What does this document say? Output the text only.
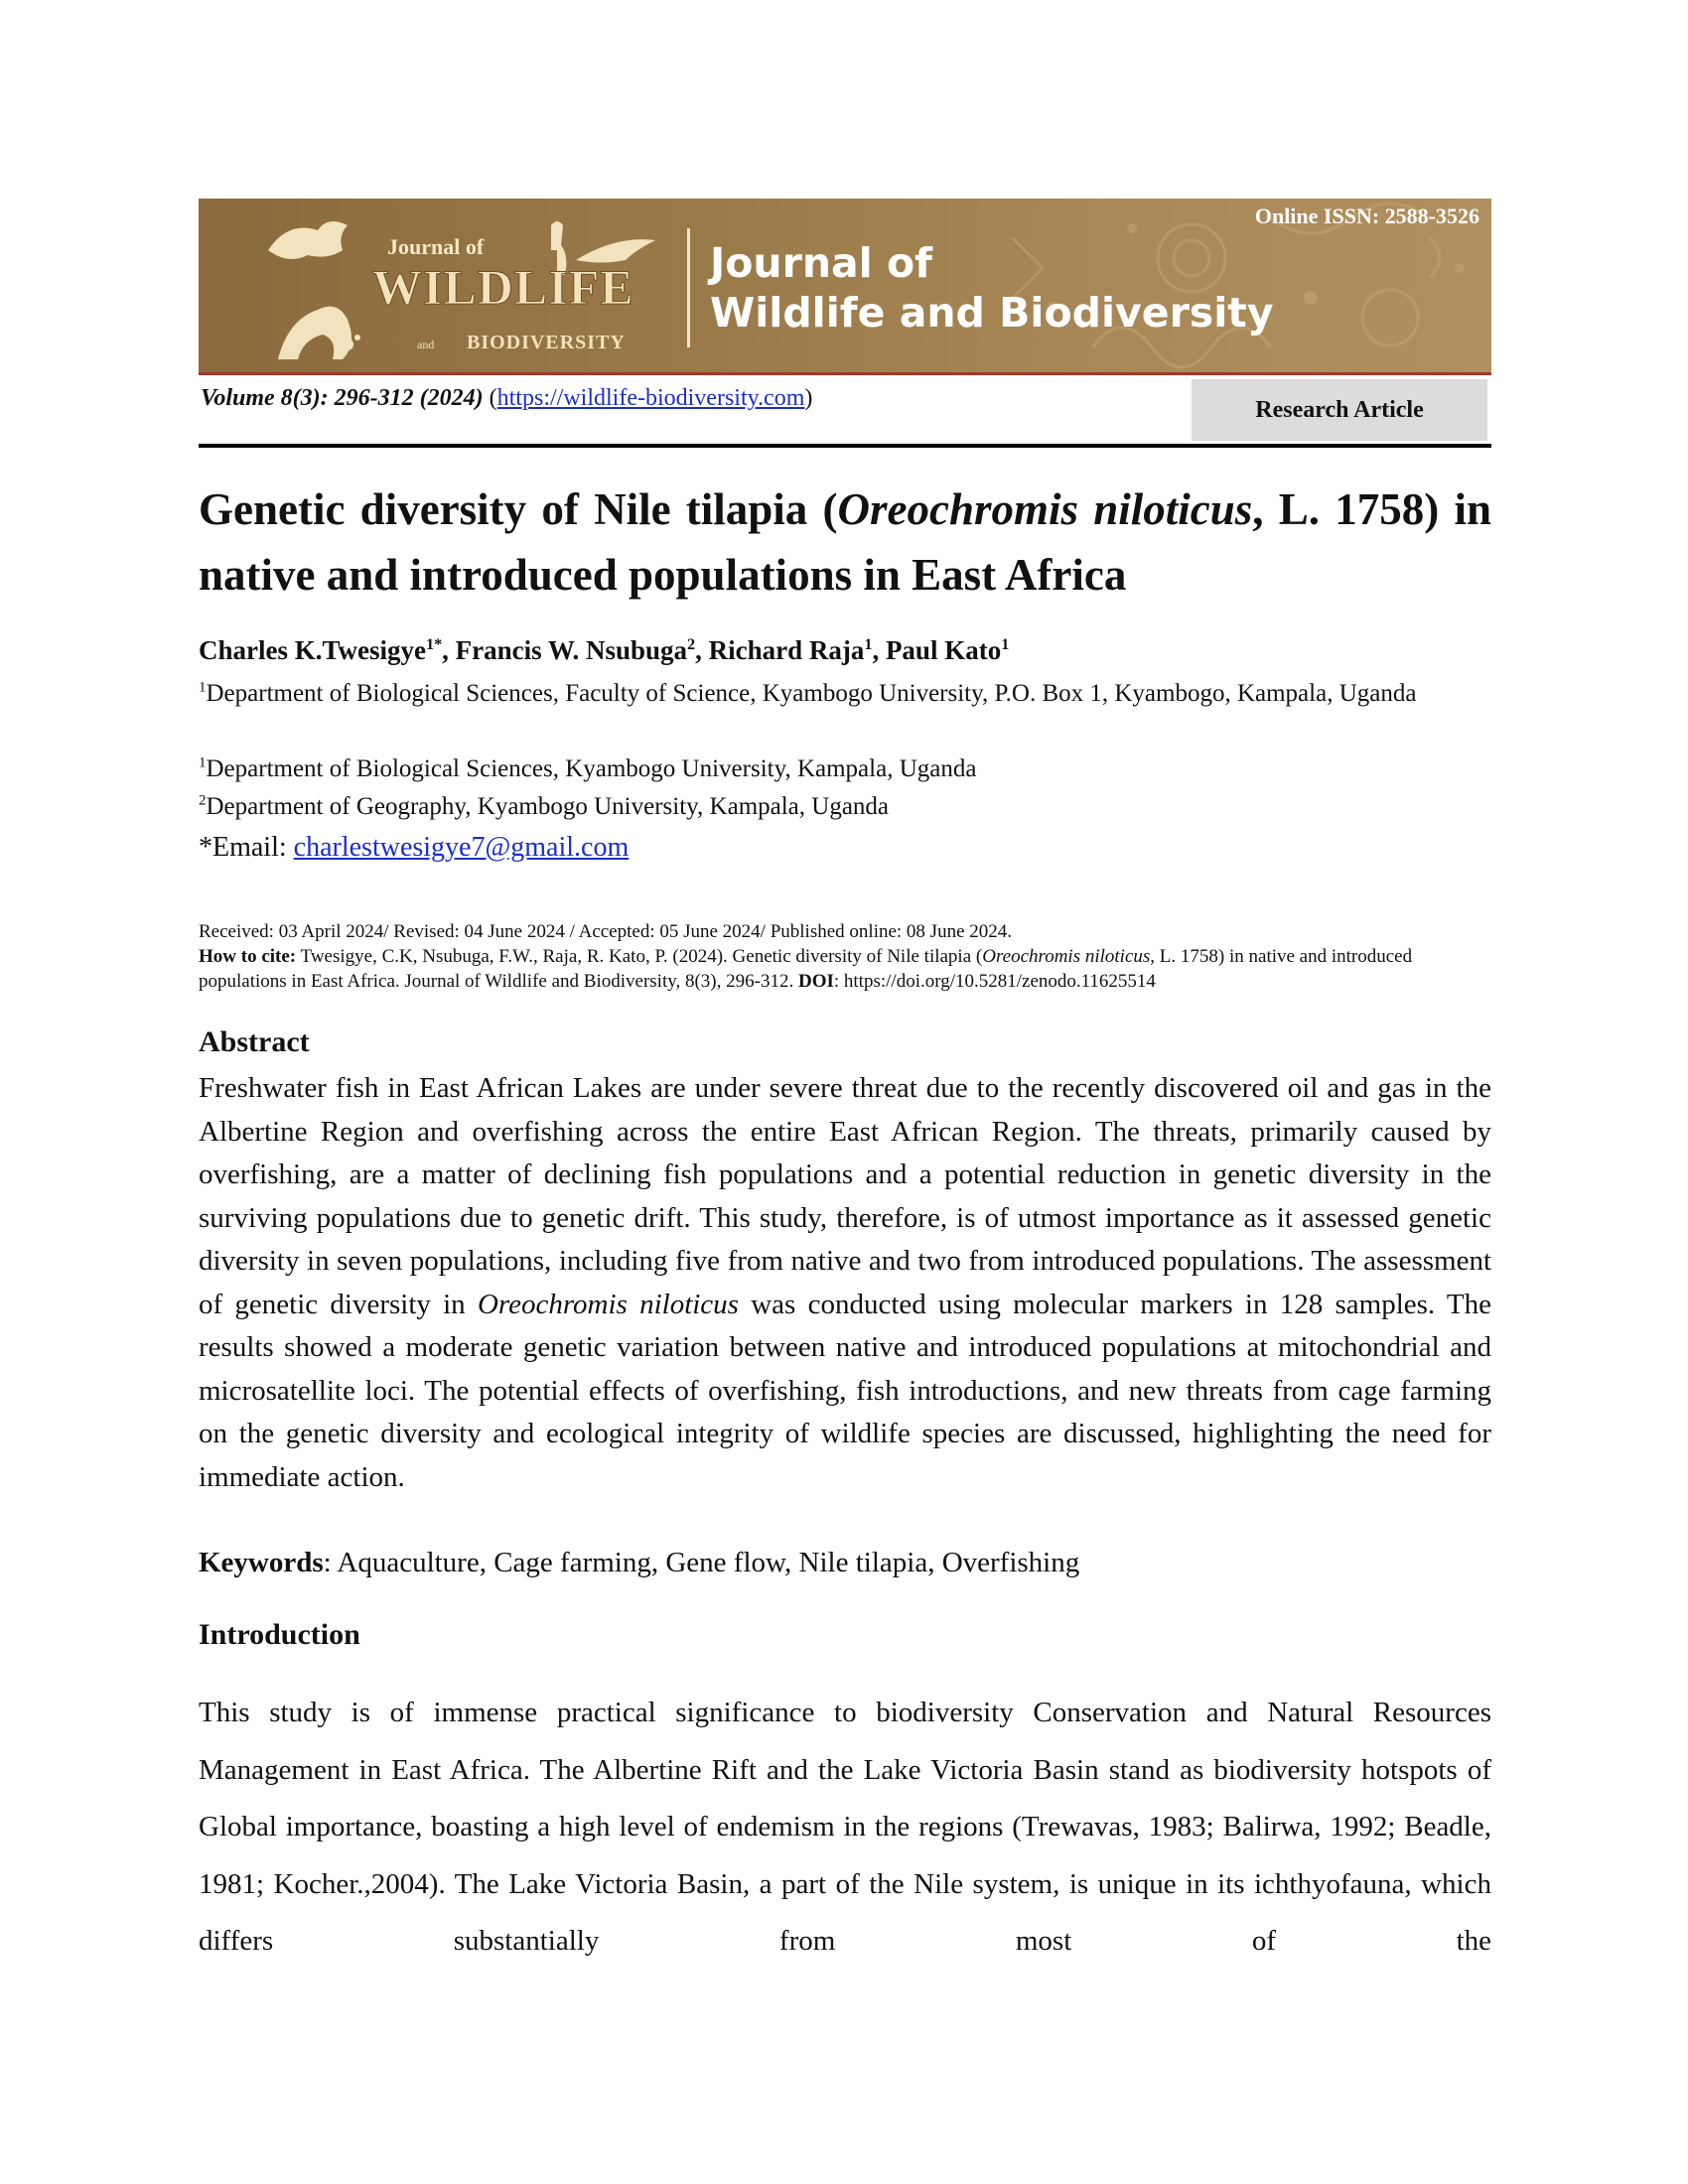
Journal of
WILDLIFE
BIODIVERSITY
and
Journal of
Wildlife and Biodiversity
Online ISSN: 2588-3526
Volume 8(3): 296-312 (2024) (https://wildlife-biodiversity.com)	Research Article
Genetic diversity of Nile tilapia (Oreochromis niloticus, L. 1758) in native and introduced populations in East Africa
Charles K.Twesigye$^{1*}$, Francis W. Nsubuga$^2$, Richard Raja$^1$, Paul Kato$^1$
$^1$Department of Biological Sciences, Faculty of Science, Kyambogo University, P.O. Box 1, Kyambogo, Kampala, Uganda
$^1$Department of Biological Sciences, Kyambogo University, Kampala, Uganda
$^2$Department of Geography, Kyambogo University, Kampala, Uganda
*Email: charlestwesigye7@gmail.com
Received: 03 April 2024/ Revised: 04 June 2024 / Accepted: 05 June 2024/ Published online: 08 June 2024.
How to cite: Twesigye, C.K, Nsubuga, F.W., Raja, R. Kato, P. (2024). Genetic diversity of Nile tilapia (Oreochromis niloticus, L. 1758) in native and introduced populations in East Africa. Journal of Wildlife and Biodiversity, 8(3), 296-312. DOI: https://doi.org/10.5281/zenodo.11625514
Abstract
Freshwater fish in East African Lakes are under severe threat due to the recently discovered oil and gas in the Albertine Region and overfishing across the entire East African Region. The threats, primarily caused by overfishing, are a matter of declining fish populations and a potential reduction in genetic diversity in the surviving populations due to genetic drift. This study, therefore, is of utmost importance as it assessed genetic diversity in seven populations, including five from native and two from introduced populations. The assessment of genetic diversity in Oreochromis niloticus was conducted using molecular markers in 128 samples. The results showed a moderate genetic variation between native and introduced populations at mitochondrial and microsatellite loci. The potential effects of overfishing, fish introductions, and new threats from cage farming on the genetic diversity and ecological integrity of wildlife species are discussed, highlighting the need for immediate action.
Keywords: Aquaculture, Cage farming, Gene flow, Nile tilapia, Overfishing
Introduction
This study is of immense practical significance to biodiversity Conservation and Natural Resources Management in East Africa. The Albertine Rift and the Lake Victoria Basin stand as biodiversity hotspots of Global importance, boasting a high level of endemism in the regions (Trewavas, 1983; Balirwa, 1992; Beadle, 1981; Kocher.,2004). The Lake Victoria Basin, a part of the Nile system, is unique in its ichthyofauna, which differs substantially from most of the
